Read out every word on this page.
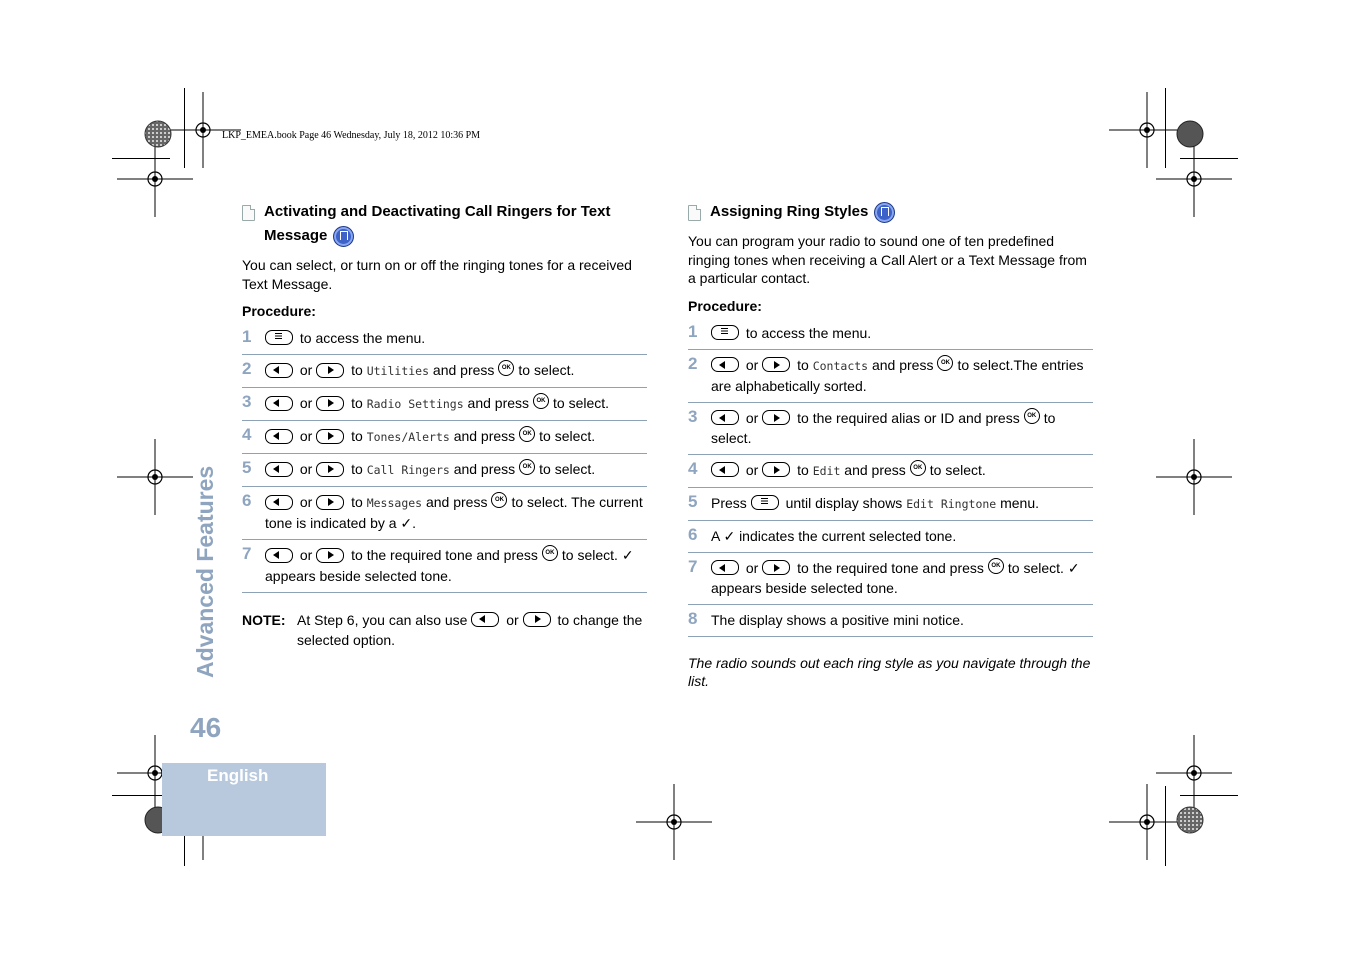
LKP_EMEA.book Page 46 Wednesday, July 18, 2012 10:36 PM
Advanced Features
46
English
Activating and Deactivating Call Ringers for Text Message
You can select, or turn on or off the ringing tones for a received Text Message.
Procedure:
1	to access the menu.
2	or	to Utilities and press OK to select.
3	or	to Radio Settings and press OK to select.
4	or	to Tones/Alerts and press OK to select.
5	or	to Call Ringers and press OK to select.
6	or	to Messages and press OK to select. The current tone is indicated by a ✓.
7	or	to the required tone and press OK to select. ✓ appears beside selected tone.
NOTE: At Step 6, you can also use	or	to change the selected option.
Assigning Ring Styles
You can program your radio to sound one of ten predefined ringing tones when receiving a Call Alert or a Text Message from a particular contact.
Procedure:
1	to access the menu.
2	or	to Contacts and press OK to select.The entries are alphabetically sorted.
3	or	to the required alias or ID and press OK to select.
4	or	to Edit and press OK to select.
5 Press	until display shows Edit Ringtone menu.
6 A ✓ indicates the current selected tone.
7	or	to the required tone and press OK to select. ✓ appears beside selected tone.
8 The display shows a positive mini notice.
The radio sounds out each ring style as you navigate through the list.
